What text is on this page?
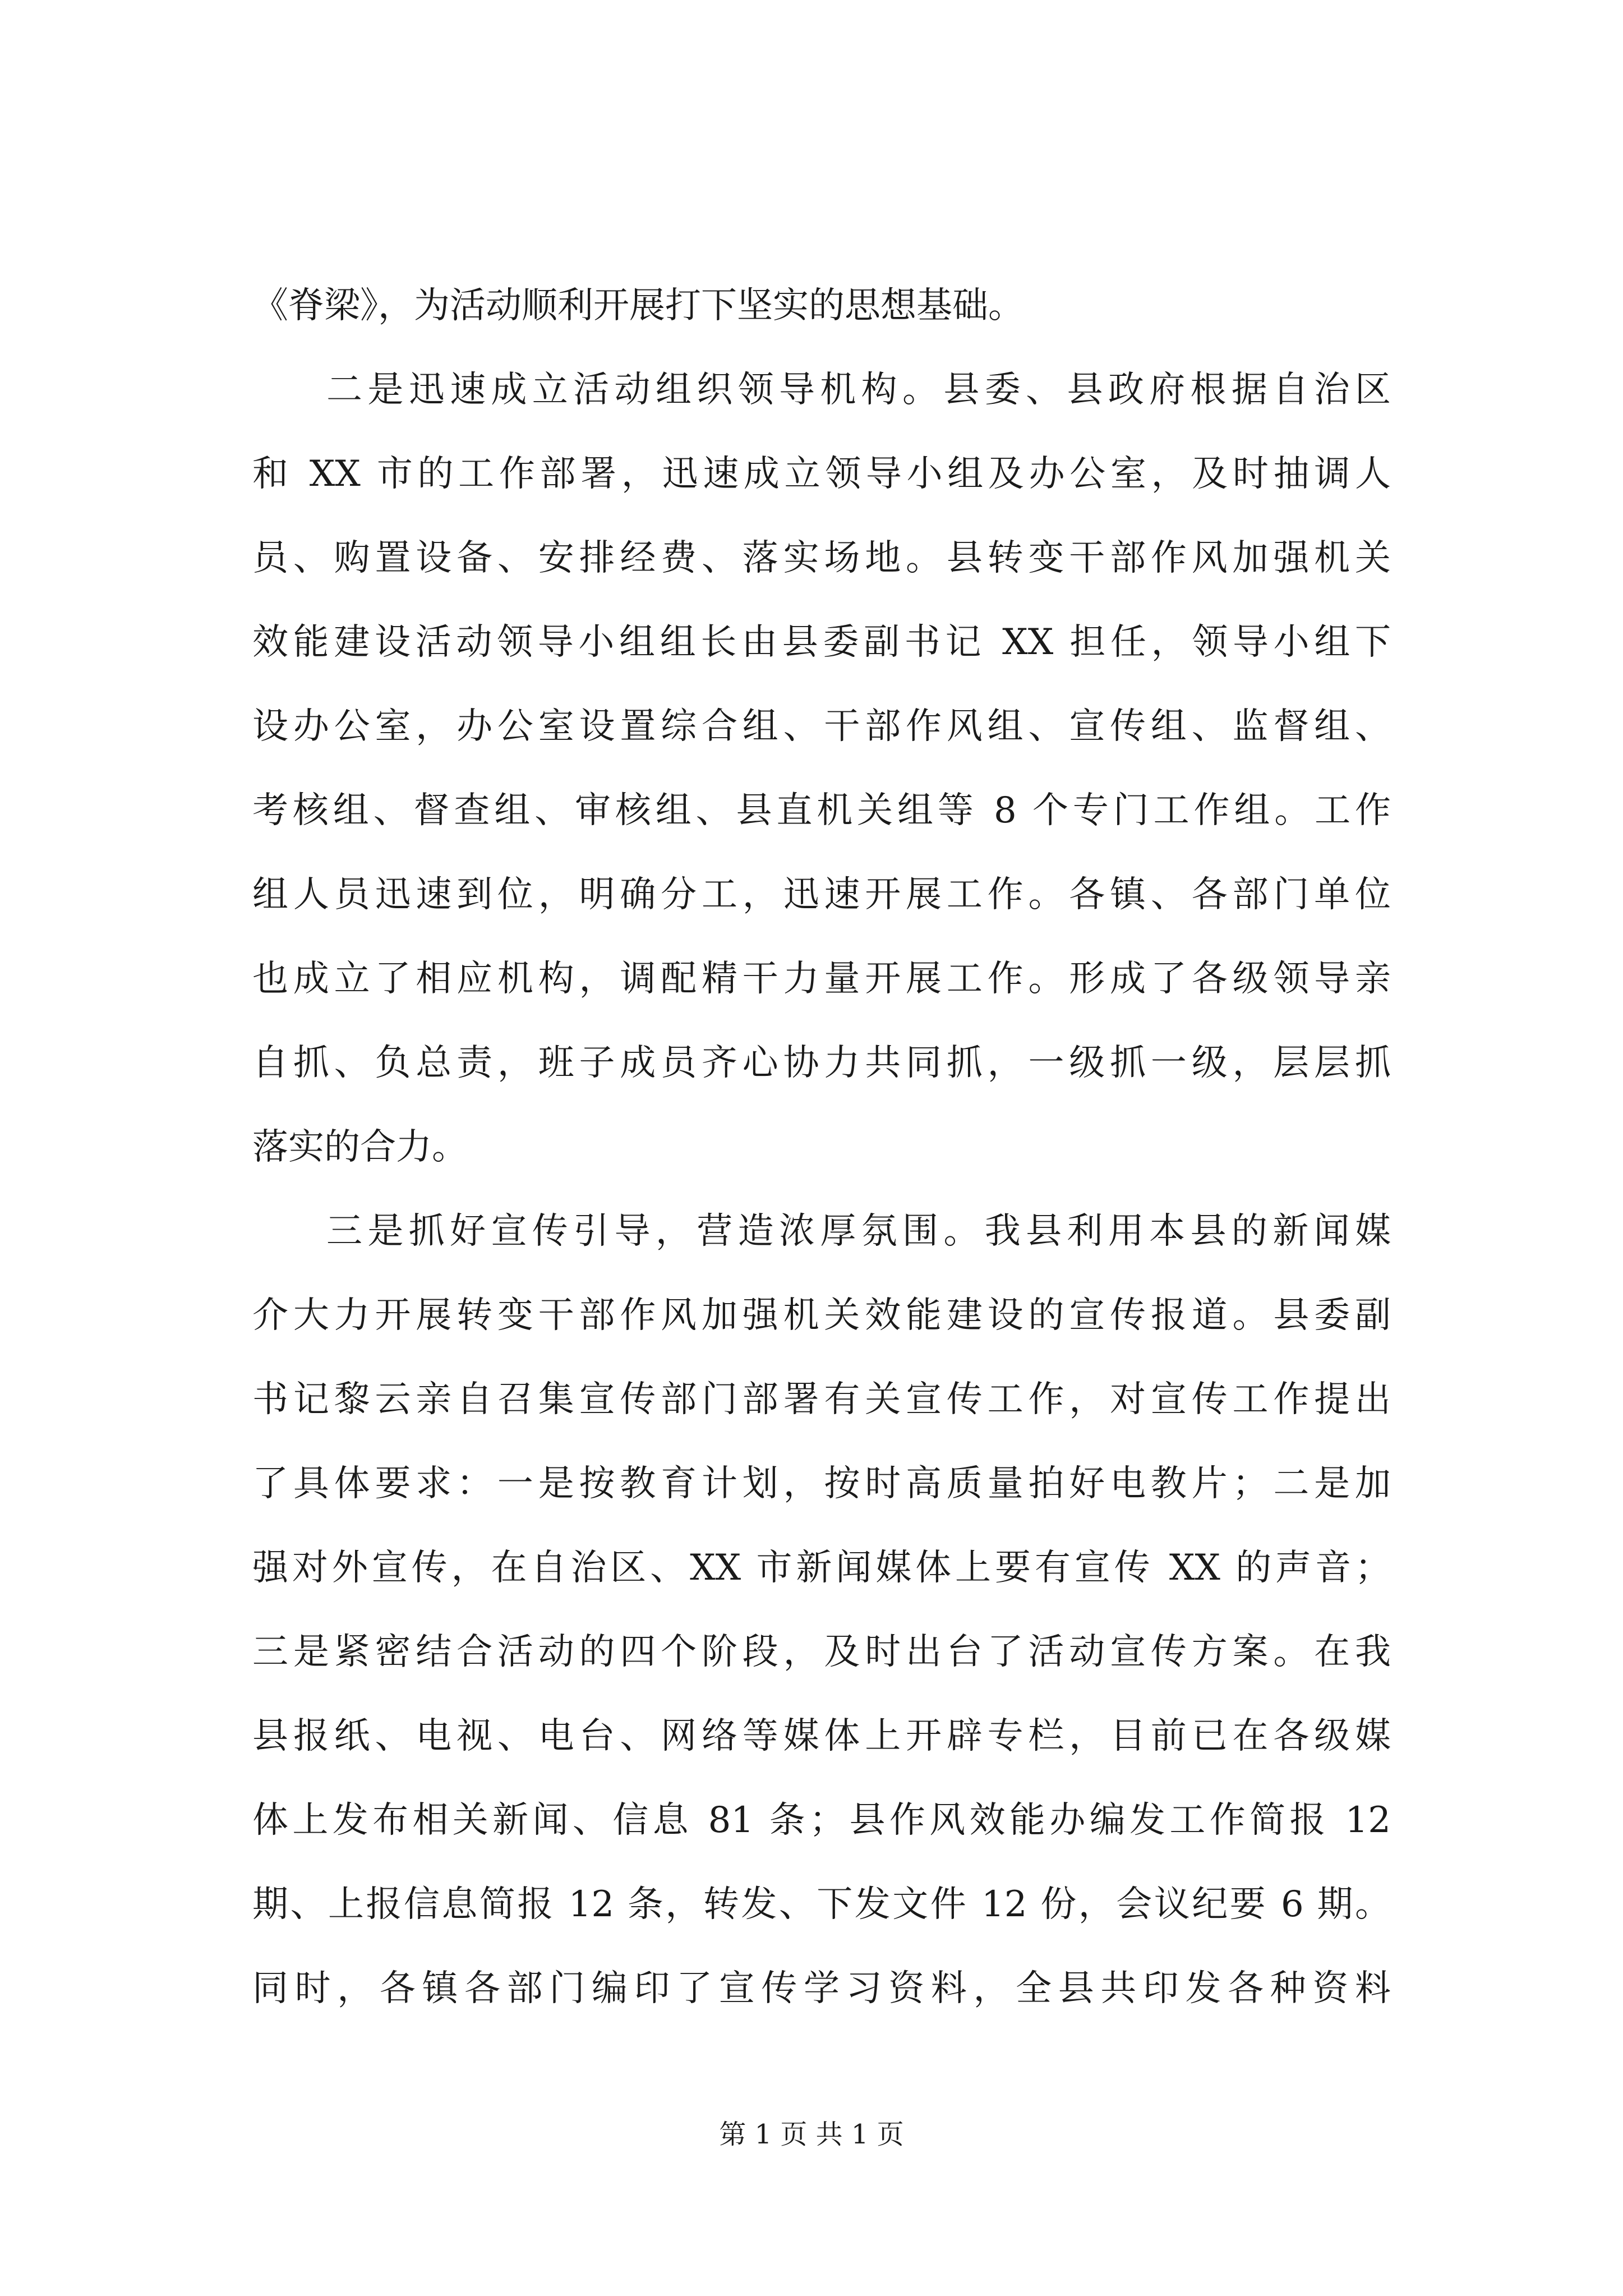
《脊梁》，为活动顺利开展打下坚实的思想基础。
二是迅速成立活动组织领导机构。县委、县政府根据自治区
和 XX 市的工作部署，迅速成立领导小组及办公室，及时抽调人
员、购置设备、安排经费、落实场地。县转变干部作风加强机关
效能建设活动领导小组组长由县委副书记 XX 担任，领导小组下
设办公室，办公室设置综合组、干部作风组、宣传组、监督组、
考核组、督查组、审核组、县直机关组等 8 个专门工作组。工作
组人员迅速到位，明确分工，迅速开展工作。各镇、各部门单位
也成立了相应机构，调配精干力量开展工作。形成了各级领导亲
自抓、负总责，班子成员齐心协力共同抓，一级抓一级，层层抓
落实的合力。
三是抓好宣传引导，营造浓厚氛围。我县利用本县的新闻媒
介大力开展转变干部作风加强机关效能建设的宣传报道。县委副
书记黎云亲自召集宣传部门部署有关宣传工作，对宣传工作提出
了具体要求：一是按教育计划，按时高质量拍好电教片；二是加
强对外宣传，在自治区、XX 市新闻媒体上要有宣传 XX 的声音；
三是紧密结合活动的四个阶段，及时出台了活动宣传方案。在我
县报纸、电视、电台、网络等媒体上开辟专栏，目前已在各级媒
体上发布相关新闻、信息 81 条；县作风效能办编发工作简报 12
期、上报信息简报 12 条，转发、下发文件 12 份，会议纪要 6 期。
同时，各镇各部门编印了宣传学习资料，全县共印发各种资料
第 1 页 共 1 页
